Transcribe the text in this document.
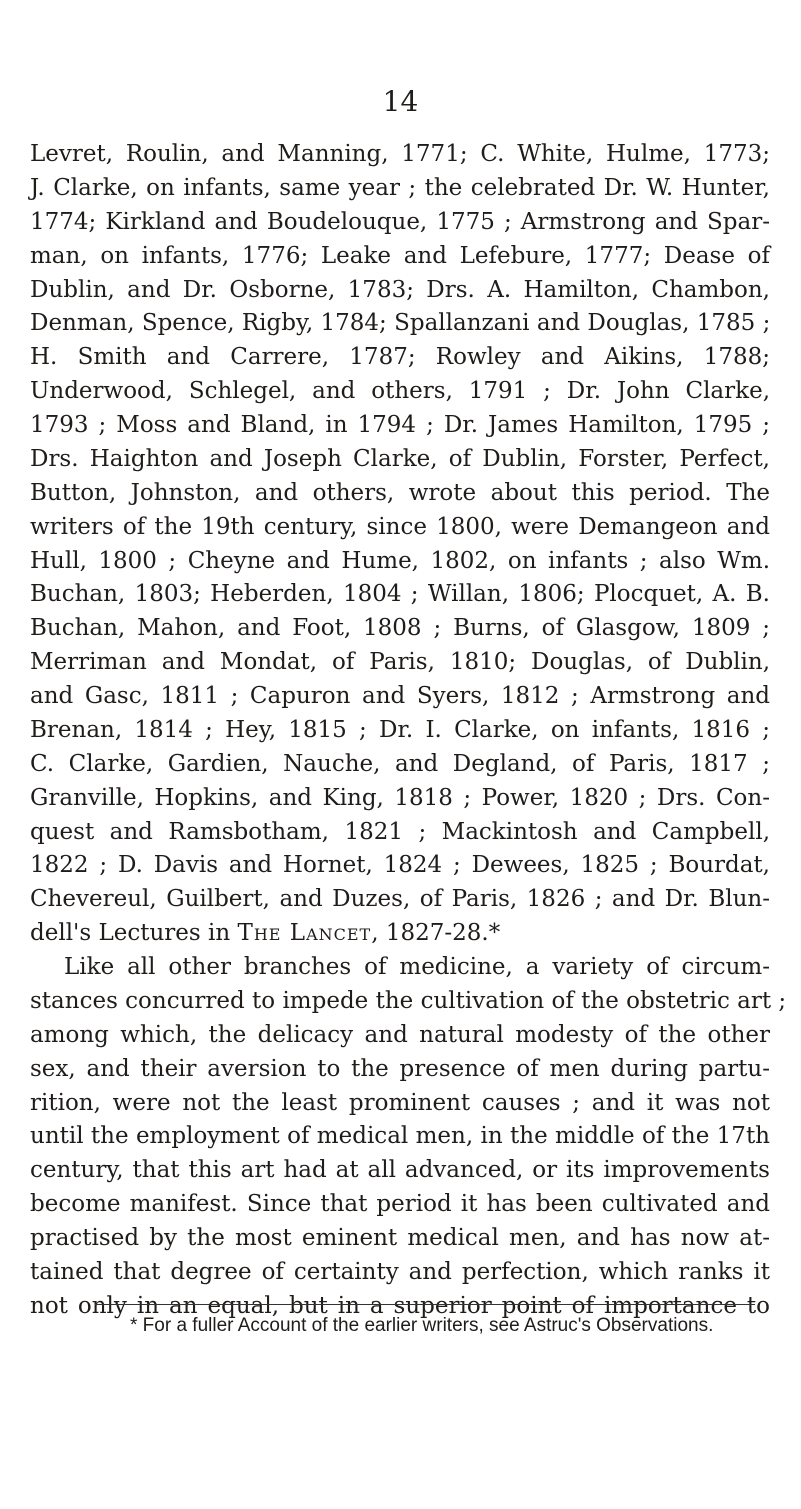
14
Levret, Roulin, and Manning, 1771; C. White, Hulme, 1773;
J. Clarke, on infants, same year ; the celebrated Dr. W. Hunter,
1774; Kirkland and Boudelouque, 1775 ; Armstrong and Spar-
man, on infants, 1776; Leake and Lefebure, 1777; Dease of
Dublin, and Dr. Osborne, 1783; Drs. A. Hamilton, Chambon,
Denman, Spence, Rigby, 1784; Spallanzani and Douglas, 1785 ;
H. Smith and Carrere, 1787; Rowley and Aikins, 1788;
Underwood, Schlegel, and others, 1791 ; Dr. John Clarke,
1793 ; Moss and Bland, in 1794 ; Dr. James Hamilton, 1795 ;
Drs. Haighton and Joseph Clarke, of Dublin, Forster, Perfect,
Button, Johnston, and others, wrote about this period. The
writers of the 19th century, since 1800, were Demangeon and
Hull, 1800 ; Cheyne and Hume, 1802, on infants ; also Wm.
Buchan, 1803; Heberden, 1804 ; Willan, 1806; Plocquet, A. B.
Buchan, Mahon, and Foot, 1808 ; Burns, of Glasgow, 1809 ;
Merriman and Mondat, of Paris, 1810; Douglas, of Dublin,
and Gasc, 1811 ; Capuron and Syers, 1812 ; Armstrong and
Brenan, 1814 ; Hey, 1815 ; Dr. I. Clarke, on infants, 1816 ;
C. Clarke, Gardien, Nauche, and Degland, of Paris, 1817 ;
Granville, Hopkins, and King, 1818 ; Power, 1820 ; Drs. Con-
quest and Ramsbotham, 1821 ; Mackintosh and Campbell,
1822 ; D. Davis and Hornet, 1824 ; Dewees, 1825 ; Bourdat,
Chevereul, Guilbert, and Duzes, of Paris, 1826 ; and Dr. Blun-
dell's Lectures in The Lancet, 1827-28.*
Like all other branches of medicine, a variety of circum-
stances concurred to impede the cultivation of the obstetric art ;
among which, the delicacy and natural modesty of the other
sex, and their aversion to the presence of men during partu-
rition, were not the least prominent causes ; and it was not
until the employment of medical men, in the middle of the 17th
century, that this art had at all advanced, or its improvements
become manifest. Since that period it has been cultivated and
practised by the most eminent medical men, and has now at-
tained that degree of certainty and perfection, which ranks it
not only in an equal, but in a superior point of importance to
* For a fuller Account of the earlier writers, see Astruc's Observations.
